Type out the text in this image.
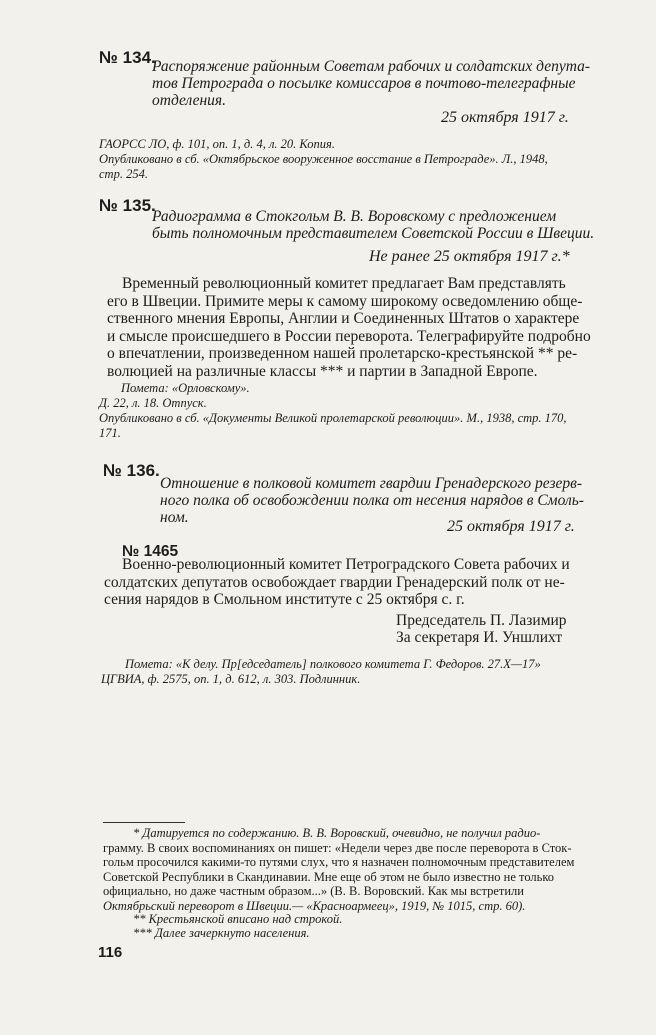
№ 134.
Распоряжение районным Советам рабочих и солдатских депута-
тов Петрограда о посылке комиссаров в почтово-телеграфные
отделения.
25 октября 1917 г.
ГАОРСС ЛО, ф. 101, оп. 1, д. 4, л. 20. Копия.
Опубликовано в сб. «Октябрьское вооруженное восстание в Петрограде». Л., 1948,
стр. 254.
№ 135.
Радиограмма в Стокгольм В. В. Воровскому с предложением
быть полномочным представителем Советской России в Швеции.
Не ранее 25 октября 1917 г.*
Временный революционный комитет предлагает Вам представлять
его в Швеции. Примите меры к самому широкому осведомлению обще-
ственного мнения Европы, Англии и Соединенных Штатов о характере
и смысле происшедшего в России переворота. Телеграфируйте подробно
о впечатлении, произведенном нашей пролетарско-крестьянской ** ре-
волюцией на различные классы *** и партии в Западной Европе.
Помета: «Орловскому».
Д. 22, л. 18. Отпуск.
Опубликовано в сб. «Документы Великой пролетарской революции». М., 1938, стр. 170,
171.
№ 136.
Отношение в полковой комитет гвардии Гренадерского резерв-
ного полка об освобождении полка от несения нарядов в Смоль-
ном.
25 октября 1917 г.
№ 1465
Военно-революционный комитет Петроградского Совета рабочих и
солдатских депутатов освобождает гвардии Гренадерский полк от не-
сения нарядов в Смольном институте с 25 октября с. г.
Председатель П. Лазимир
За секретаря И. Уншлихт
Помета: «К делу. Пр[едседатель] полкового комитета Г. Федоров. 27.X—17»
ЦГВИА, ф. 2575, оп. 1, д. 612, л. 303. Подлинник.
* Датируется по содержанию. В. В. Воровский, очевидно, не получил радио-
грамму. В своих воспоминаниях он пишет: «Недели через две после переворота в Сток-
гольм просочился какими-то путями слух, что я назначен полномочным представителем
Советской Республики в Скандинавии. Мне еще об этом не было известно не только
официально, но даже частным образом...» (В. В. Воровский. Как мы встретили
Октябрьский переворот в Швеции.— «Красноармеец», 1919, № 1015, стр. 60).
** Крестьянской вписано над строкой.
*** Далее зачеркнуто населения.
116
